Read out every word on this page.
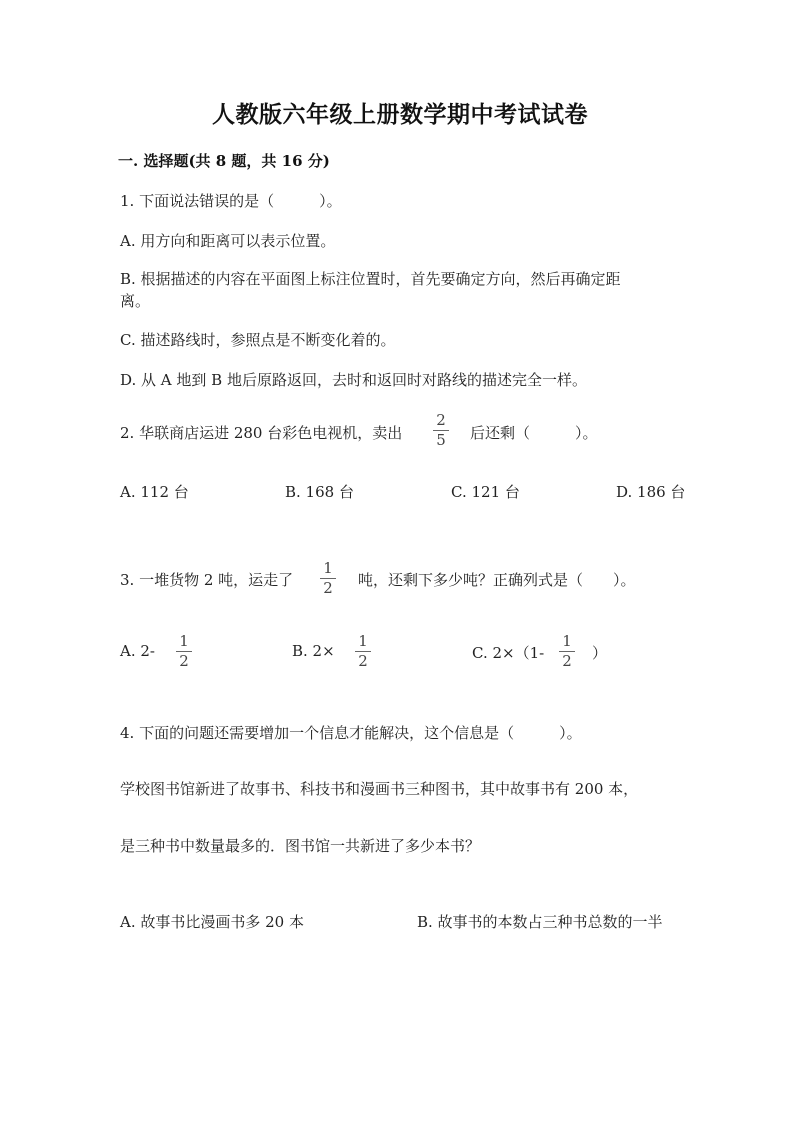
人教版六年级上册数学期中考试试卷
一. 选择题(共 8 题，共 16 分)
1. 下面说法错误的是（　　　）。
A. 用方向和距离可以表示位置。
B. 根据描述的内容在平面图上标注位置时，首先要确定方向，然后再确定距
离。
C. 描述路线时，参照点是不断变化着的。
D. 从 A 地到 B 地后原路返回，去时和返回时对路线的描述完全一样。
2. 华联商店运进 280 台彩色电视机，卖出
2
5	后还剩（　　　）。
A. 112 台	B. 168 台	C. 121 台	D. 186 台
3. 一堆货物 2 吨，运走了
1
2	吨，还剩下多少吨？正确列式是（　　）。
A. 2-
1
2
B. 2×
1
2	C. 2×（1-
1
2	）
4. 下面的问题还需要增加一个信息才能解决，这个信息是（　　　）。
学校图书馆新进了故事书、科技书和漫画书三种图书，其中故事书有 200 本，
是三种书中数量最多的．图书馆一共新进了多少本书？
A. 故事书比漫画书多 20 本	B. 故事书的本数占三种书总数的一半
